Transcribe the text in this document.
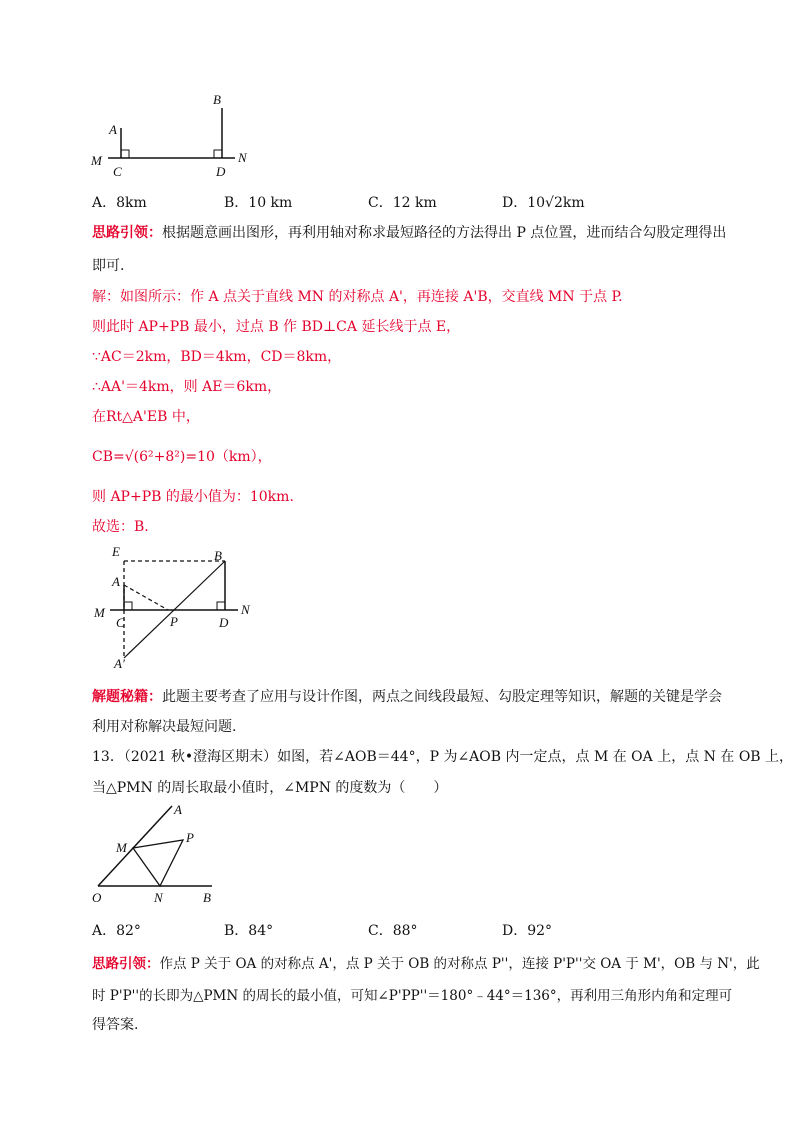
B
A
M
C	D
N
A．8km	B．10 km	C．12 km	D．10√2km
思路引领：根据题意画出图形，再利用轴对称求最短路径的方法得出 P 点位置，进而结合勾股定理得出
即可.
解：如图所示：作 A 点关于直线 MN 的对称点 A'，再连接 A'B，交直线 MN 于点 P.
则此时 AP+PB 最小，过点 B 作 BD⊥CA 延长线于点 E，
∵AC＝2km，BD＝4km，CD＝8km，
∴AA'＝4km，则 AE＝6km，
在Rt△A'EB 中，
CB=√(6²+8²)=10（km），
则 AP+PB 的最小值为：10km.
故选：B.
E	B
A
M
C	P	D
N
A'
解题秘籍：此题主要考查了应用与设计作图，两点之间线段最短、勾股定理等知识，解题的关键是学会
利用对称解决最短问题.
13．（2021 秋•澄海区期末）如图，若∠AOB＝44°，P 为∠AOB 内一定点，点 M 在 OA 上，点 N 在 OB 上，
当△PMN 的周长取最小值时，∠MPN 的度数为（　　）
A
M
P
O	N	B
A．82°	B．84°	C．88°	D．92°
思路引领：作点 P 关于 OA 的对称点 A'，点 P 关于 OB 的对称点 P''，连接 P'P''交 OA 于 M'，OB 与 N'，此
时 P'P''的长即为△PMN 的周长的最小值，可知∠P'PP''＝180°﹣44°＝136°，再利用三角形内角和定理可
得答案.
